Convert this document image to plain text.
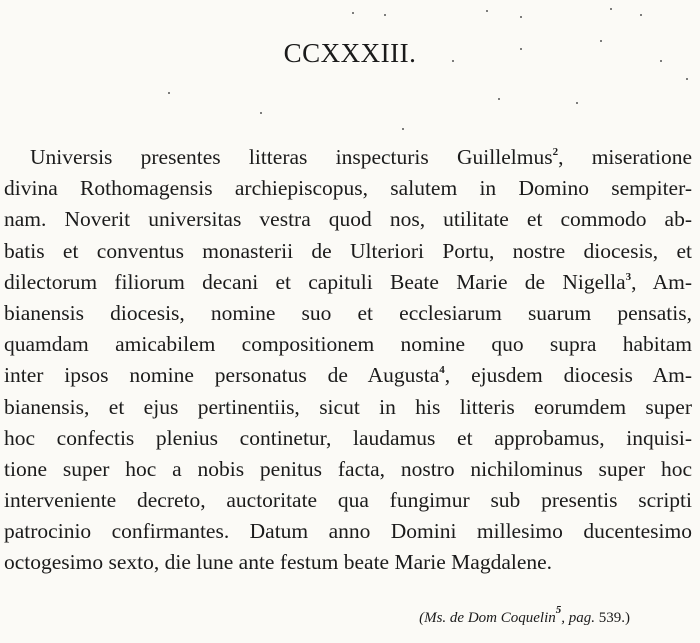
CCXXXIII.
Universis presentes litteras inspecturis Guillelmus$^2$, miseratione
divina Rothomagensis archiepiscopus, salutem in Domino sempiter-
nam. Noverit universitas vestra quod nos, utilitate et commodo ab-
batis et conventus monasterii de Ulteriori Portu, nostre diocesis, et
dilectorum filiorum decani et capituli Beate Marie de Nigella$^3$, Am-
bianensis diocesis, nomine suo et ecclesiarum suarum pensatis,
quamdam amicabilem compositionem nomine quo supra habitam
inter ipsos nomine personatus de Augusta$^4$, ejusdem diocesis Am-
bianensis, et ejus pertinentiis, sicut in his litteris eorumdem super
hoc confectis plenius continetur, laudamus et approbamus, inquisi-
tione super hoc a nobis penitus facta, nostro nichilominus super hoc
interveniente decreto, auctoritate qua fungimur sub presentis scripti
patrocinio confirmantes. Datum anno Domini millesimo ducentesimo
octogesimo sexto, die lune ante festum beate Marie Magdalene.

(Ms. de Dom Coquelin$^5$, pag. 539.)
